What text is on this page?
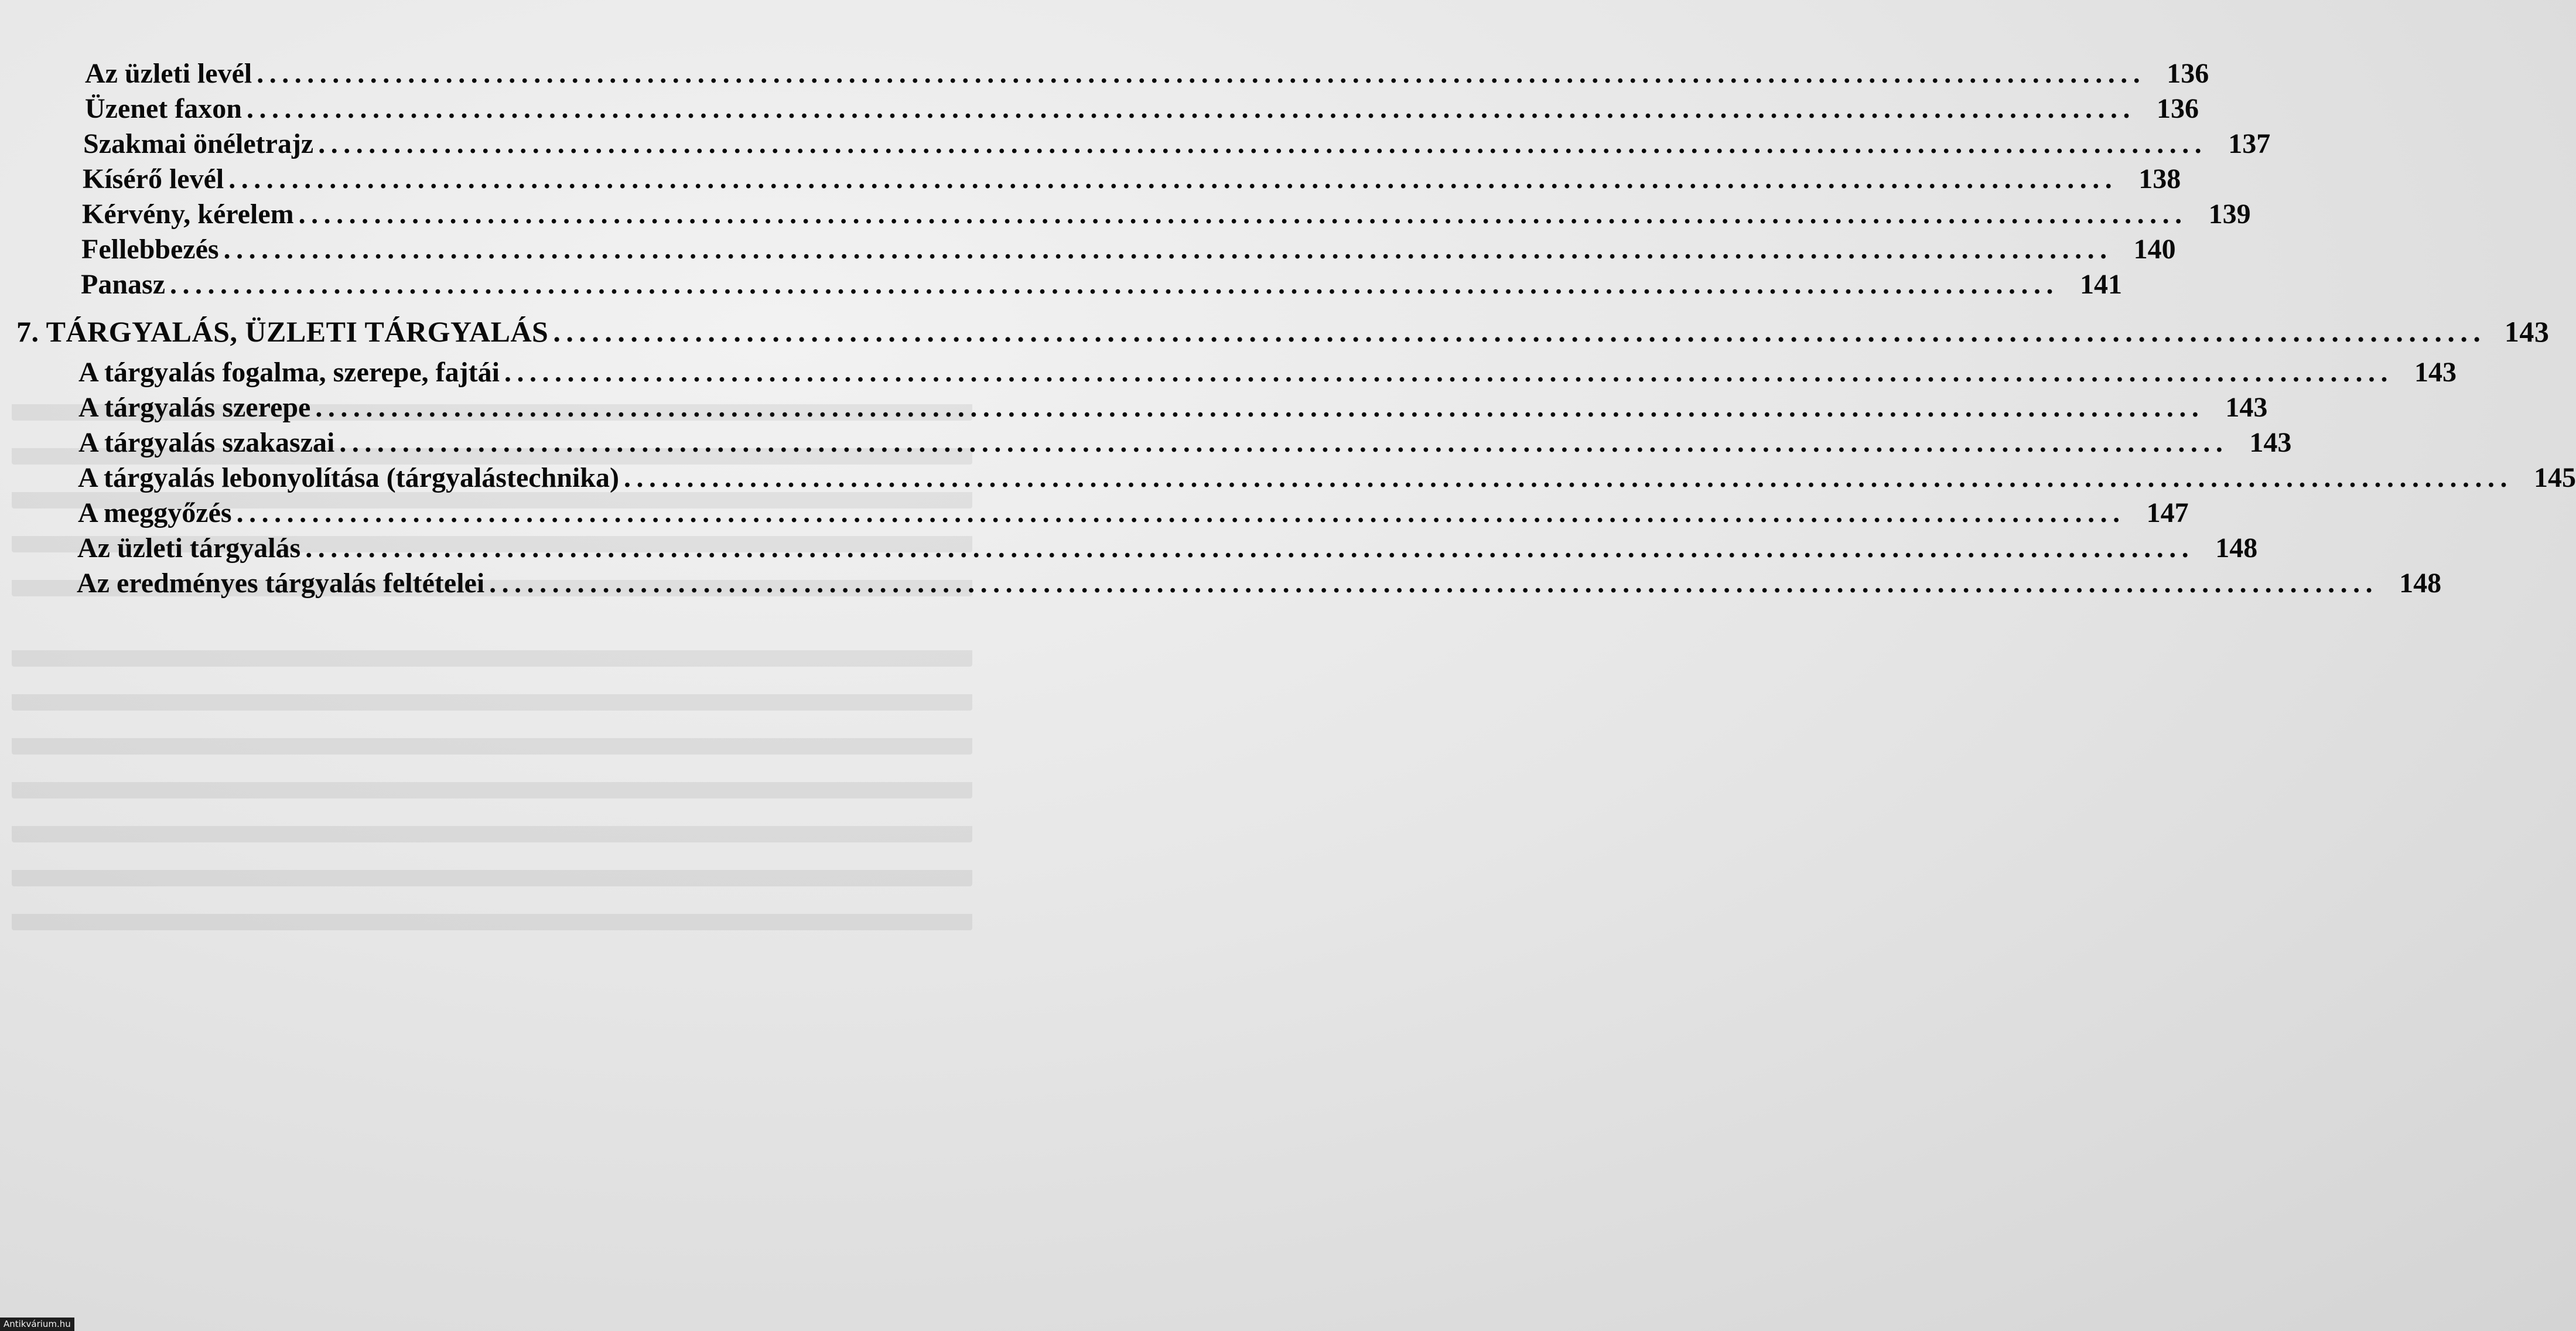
Az üzleti levél ...................................................................................................................................................... 136
Üzenet faxon ...................................................................................................................................................... 136
Szakmai önéletrajz ...................................................................................................................................................... 137
Kísérő levél ...................................................................................................................................................... 138
Kérvény, kérelem ...................................................................................................................................................... 139
Fellebbezés ...................................................................................................................................................... 140
Panasz ...................................................................................................................................................... 141
7. TÁRGYALÁS, ÜZLETI TÁRGYALÁS ...................................................................................................................................................... 143
A tárgyalás fogalma, szerepe, fajtái ...................................................................................................................................................... 143
A tárgyalás szerepe ...................................................................................................................................................... 143
A tárgyalás szakaszai ...................................................................................................................................................... 143
A tárgyalás lebonyolítása (tárgyalástechnika) ...................................................................................................................................................... 145
A meggyőzés ...................................................................................................................................................... 147
Az üzleti tárgyalás ...................................................................................................................................................... 148
Az eredményes tárgyalás feltételei ...................................................................................................................................................... 148
Antikvárium.hu
